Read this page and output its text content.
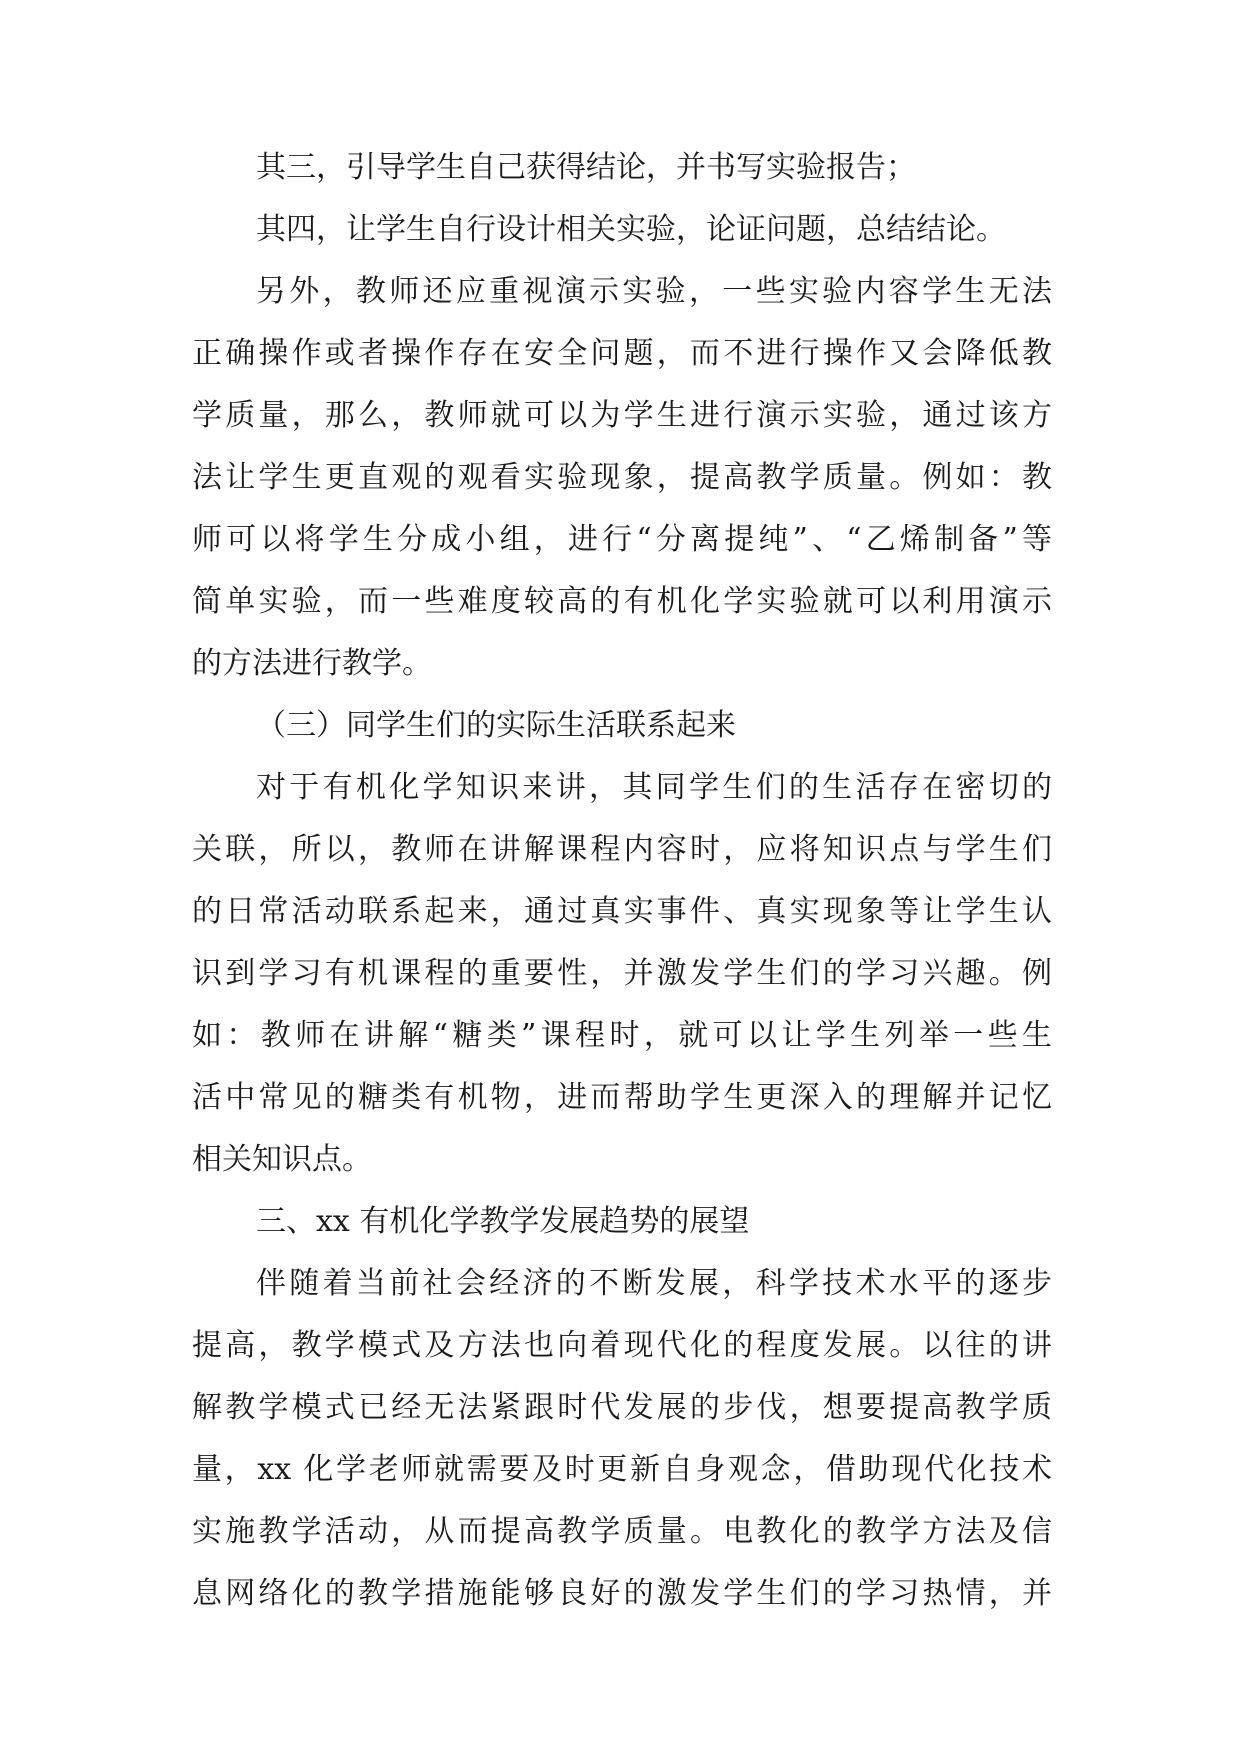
其三，引导学生自己获得结论，并书写实验报告；
其四，让学生自行设计相关实验，论证问题，总结结论。
另外，教师还应重视演示实验，一些实验内容学生无法
正确操作或者操作存在安全问题，而不进行操作又会降低教
学质量，那么，教师就可以为学生进行演示实验，通过该方
法让学生更直观的观看实验现象，提高教学质量。例如：教
师可以将学生分成小组，进行“分离提纯”、“乙烯制备”等
简单实验，而一些难度较高的有机化学实验就可以利用演示
的方法进行教学。
（三）同学生们的实际生活联系起来
对于有机化学知识来讲，其同学生们的生活存在密切的
关联，所以，教师在讲解课程内容时，应将知识点与学生们
的日常活动联系起来，通过真实事件、真实现象等让学生认
识到学习有机课程的重要性，并激发学生们的学习兴趣。例
如：教师在讲解“糖类”课程时，就可以让学生列举一些生
活中常见的糖类有机物，进而帮助学生更深入的理解并记忆
相关知识点。
三、xx 有机化学教学发展趋势的展望
伴随着当前社会经济的不断发展，科学技术水平的逐步
提高，教学模式及方法也向着现代化的程度发展。以往的讲
解教学模式已经无法紧跟时代发展的步伐，想要提高教学质
量，xx 化学老师就需要及时更新自身观念，借助现代化技术
实施教学活动，从而提高教学质量。电教化的教学方法及信
息网络化的教学措施能够良好的激发学生们的学习热情，并
